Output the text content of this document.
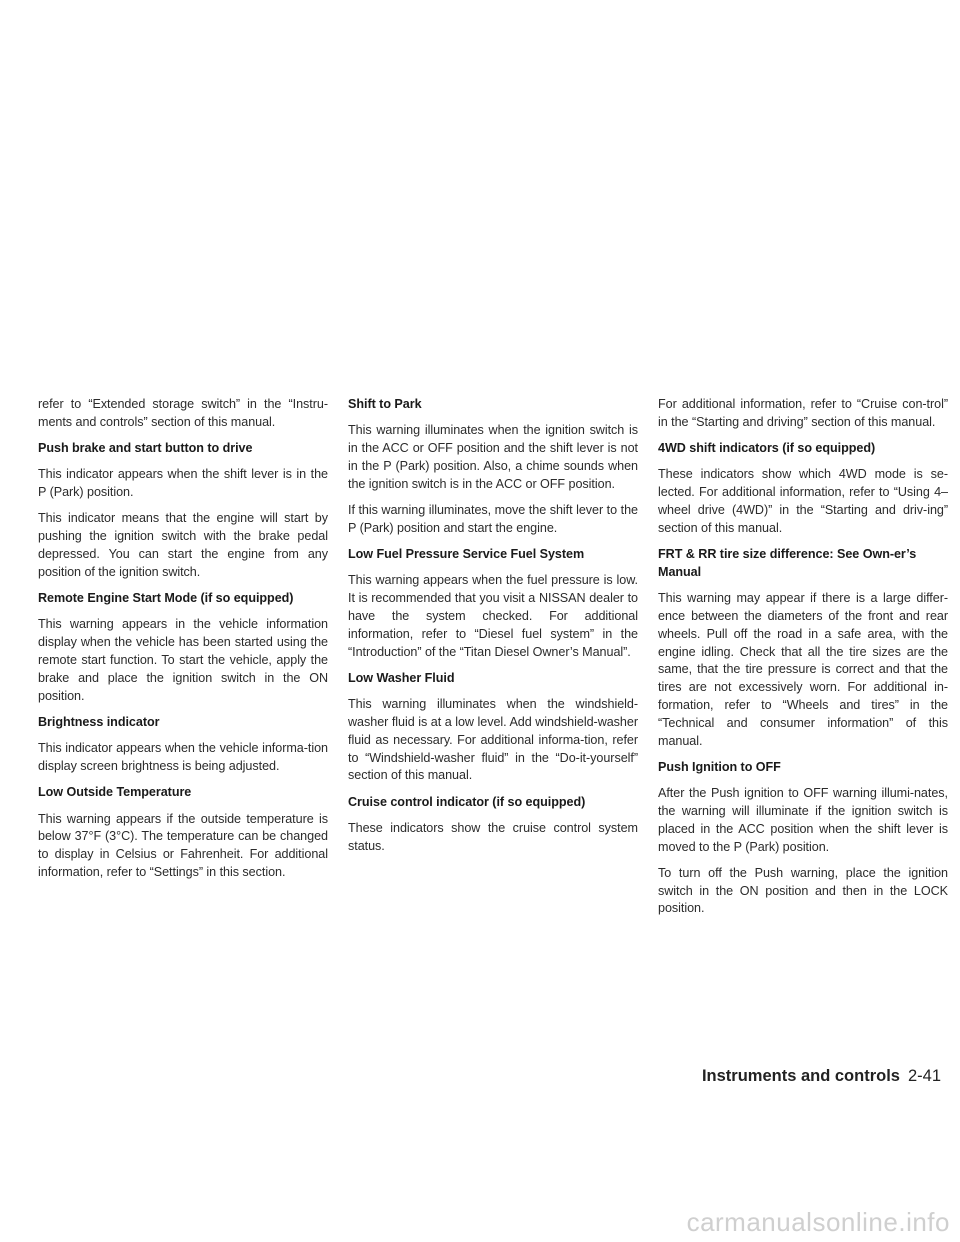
refer to “Extended storage switch” in the “Instru-ments and controls” section of this manual.

Push brake and start button to drive

This indicator appears when the shift lever is in the P (Park) position.

This indicator means that the engine will start by pushing the ignition switch with the brake pedal depressed. You can start the engine from any position of the ignition switch.

Remote Engine Start Mode (if so equipped)

This warning appears in the vehicle information display when the vehicle has been started using the remote start function. To start the vehicle, apply the brake and place the ignition switch in the ON position.

Brightness indicator

This indicator appears when the vehicle informa-tion display screen brightness is being adjusted.

Low Outside Temperature

This warning appears if the outside temperature is below 37°F (3°C). The temperature can be changed to display in Celsius or Fahrenheit. For additional information, refer to “Settings” in this section.

Shift to Park

This warning illuminates when the ignition switch is in the ACC or OFF position and the shift lever is not in the P (Park) position. Also, a chime sounds when the ignition switch is in the ACC or OFF position.

If this warning illuminates, move the shift lever to the P (Park) position and start the engine.

Low Fuel Pressure Service Fuel System

This warning appears when the fuel pressure is low. It is recommended that you visit a NISSAN dealer to have the system checked. For additional information, refer to “Diesel fuel system” in the “Introduction” of the “Titan Diesel Owner’s Manual”.

Low Washer Fluid

This warning illuminates when the windshield-washer fluid is at a low level. Add windshield-washer fluid as necessary. For additional informa-tion, refer to “Windshield-washer fluid” in the “Do-it-yourself” section of this manual.

Cruise control indicator (if so equipped)

These indicators show the cruise control system status.

For additional information, refer to “Cruise con-trol” in the “Starting and driving” section of this manual.

4WD shift indicators (if so equipped)

These indicators show which 4WD mode is se-lected. For additional information, refer to “Using 4–wheel drive (4WD)” in the “Starting and driv-ing” section of this manual.

FRT & RR tire size difference: See Own-er’s Manual

This warning may appear if there is a large differ-ence between the diameters of the front and rear wheels. Pull off the road in a safe area, with the engine idling. Check that all the tire sizes are the same, that the tire pressure is correct and that the tires are not excessively worn. For additional in-formation, refer to “Wheels and tires” in the “Technical and consumer information” of this manual.

Push Ignition to OFF

After the Push ignition to OFF warning illumi-nates, the warning will illuminate if the ignition switch is placed in the ACC position when the shift lever is moved to the P (Park) position.

To turn off the Push warning, place the ignition switch in the ON position and then in the LOCK position.

Instruments and controls 2-41
carmanualsonline.info
